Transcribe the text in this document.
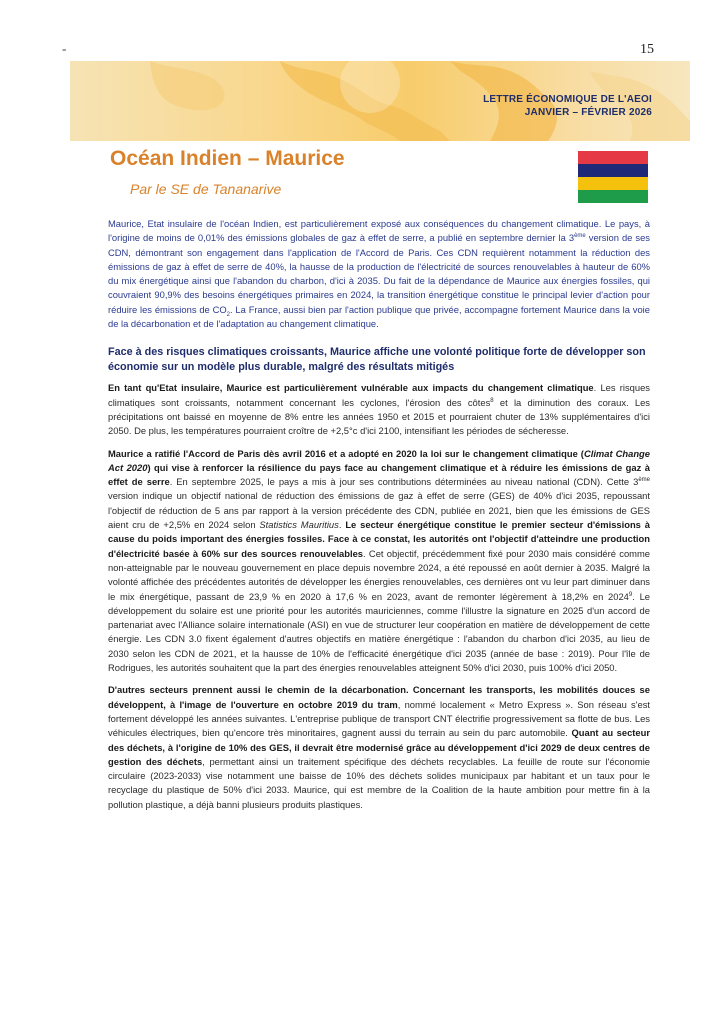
-	15
LETTRE ÉCONOMIQUE DE L'AEOI
JANVIER – FÉVRIER 2026
Océan Indien – Maurice
Par le SE de Tananarive

Maurice, Etat insulaire de l'océan Indien, est particulièrement exposé aux conséquences du changement climatique. Le pays, à l'origine de moins de 0,01% des émissions globales de gaz à effet de serre, a publié en septembre dernier la 3ème version de ses CDN, démontrant son engagement dans l'application de l'Accord de Paris. Ces CDN requièrent notamment la réduction des émissions de gaz à effet de serre de 40%, la hausse de la production de l'électricité de sources renouvelables à hauteur de 60% du mix énergétique ainsi que l'abandon du charbon, d'ici à 2035. Du fait de la dépendance de Maurice aux énergies fossiles, qui couvraient 90,9% des besoins énergétiques primaires en 2024, la transition énergétique constitue le principal levier d'action pour réduire les émissions de $CO_2$. La France, aussi bien par l'action publique que privée, accompagne fortement Maurice dans la voie de la décarbonation et de l'adaptation au changement climatique.

Face à des risques climatiques croissants, Maurice affiche une volonté politique forte de développer son économie sur un modèle plus durable, malgré des résultats mitigés

En tant qu'Etat insulaire, Maurice est particulièrement vulnérable aux impacts du changement climatique. Les risques climatiques sont croissants, notamment concernant les cyclones, l'érosion des côtes$^8$ et la diminution des coraux. Les précipitations ont baissé en moyenne de 8% entre les années 1950 et 2015 et pourraient chuter de 13% supplémentaires d'ici 2050. De plus, les températures pourraient croître de +2,5°c d'ici 2100, intensifiant les périodes de sécheresse.

Maurice a ratifié l'Accord de Paris dès avril 2016 et a adopté en 2020 la loi sur le changement climatique (Climat Change Act 2020) qui vise à renforcer la résilience du pays face au changement climatique et à réduire les émissions de gaz à effet de serre. En septembre 2025, le pays a mis à jour ses contributions déterminées au niveau national (CDN). Cette 3ème version indique un objectif national de réduction des émissions de gaz à effet de serre (GES) de 40% d'ici 2035, repoussant l'objectif de réduction de 5 ans par rapport à la version précédente des CDN, publiée en 2021, bien que les émissions de GES aient cru de +2,5% en 2024 selon Statistics Mauritius. Le secteur énergétique constitue le premier secteur d'émissions à cause du poids important des énergies fossiles. Face à ce constat, les autorités ont l'objectif d'atteindre une production d'électricité basée à 60% sur des sources renouvelables. Cet objectif, précédemment fixé pour 2030 mais considéré comme non-atteignable par le nouveau gouvernement en place depuis novembre 2024, a été repoussé en août dernier à 2035. Malgré la volonté affichée des précédentes autorités de développer les énergies renouvelables, ces dernières ont vu leur part diminuer dans le mix énergétique, passant de 23,9 % en 2020 à 17,6 % en 2023, avant de remonter légèrement à 18,2% en 2024$^9$. Le développement du solaire est une priorité pour les autorités mauriciennes, comme l'illustre la signature en 2025 d'un accord de partenariat avec l'Alliance solaire internationale (ASI) en vue de structurer leur coopération en matière de développement de cette énergie. Les CDN 3.0 fixent également d'autres objectifs en matière énergétique : l'abandon du charbon d'ici 2035, au lieu de 2030 selon les CDN de 2021, et la hausse de 10% de l'efficacité énergétique d'ici 2035 (année de base : 2019). Pour l'île de Rodrigues, les autorités souhaitent que la part des énergies renouvelables atteignent 50% d'ici 2030, puis 100% d'ici 2050.

D'autres secteurs prennent aussi le chemin de la décarbonation. Concernant les transports, les mobilités douces se développent, à l'image de l'ouverture en octobre 2019 du tram, nommé localement « Metro Express ». Son réseau s'est fortement développé les années suivantes. L'entreprise publique de transport CNT électrifie progressivement sa flotte de bus. Les véhicules électriques, bien qu'encore très minoritaires, gagnent aussi du terrain au sein du parc automobile. Quant au secteur des déchets, à l'origine de 10% des GES, il devrait être modernisé grâce au développement d'ici 2029 de deux centres de gestion des déchets, permettant ainsi un traitement spécifique des déchets recyclables. La feuille de route sur l'économie circulaire (2023-2033) vise notamment une baisse de 10% des déchets solides municipaux par habitant et un taux pour le recyclage du plastique de 50% d'ici 2033. Maurice, qui est membre de la Coalition de la haute ambition pour mettre fin à la pollution plastique, a déjà banni plusieurs produits plastiques.
